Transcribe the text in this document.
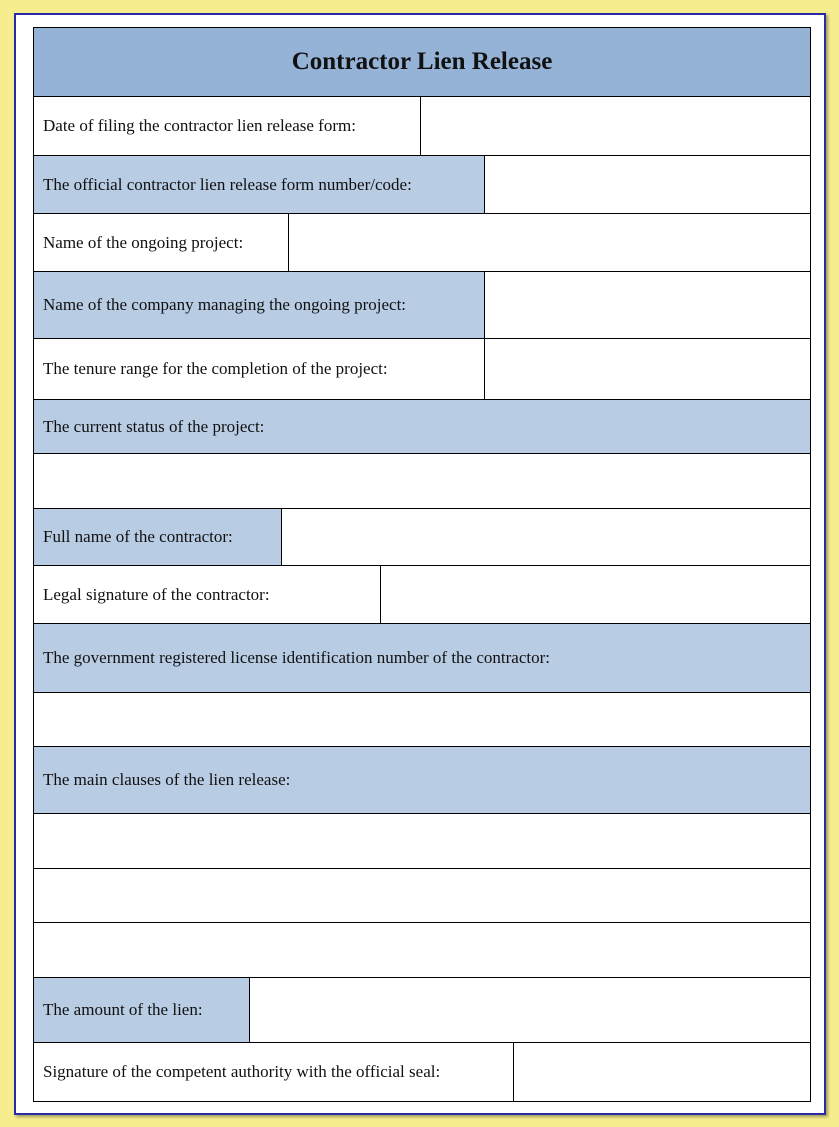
Contractor Lien Release
Date of filing the contractor lien release form:
The official contractor lien release form number/code:
Name of the ongoing project:
Name of the company managing the ongoing project:
The tenure range for the completion of the project:
The current status of the project:
Full name of the contractor:
Legal signature of the contractor:
The government registered license identification number of the contractor:
The main clauses of the lien release:
The amount of the lien:
Signature of the competent authority with the official seal:
